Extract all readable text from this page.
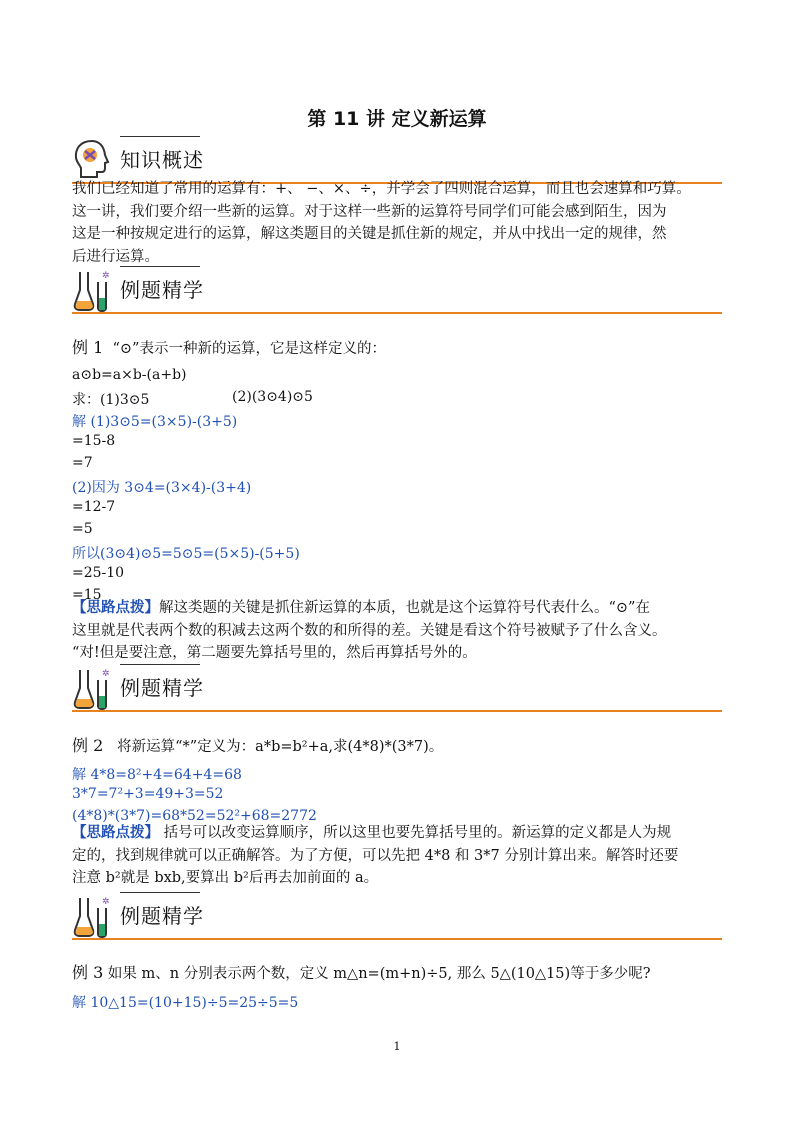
第 11 讲 定义新运算
知识概述
我们已经知道了常用的运算有：+、 −、×、÷，并学会了四则混合运算，而且也会速算和巧算。
这一讲，我们要介绍一些新的运算。对于这样一些新的运算符号同学们可能会感到陌生，因为
这是一种按规定进行的运算，解这类题目的关键是抓住新的规定，并从中找出一定的规律，然
后进行运算。
✲
例题精学
例 1 “⊙”表示一种新的运算，它是这样定义的：
a⊙b=a×b-(a+b)
求：(1)3⊙5	(2)(3⊙4)⊙5
解 (1)3⊙5=(3×5)-(3+5)
=15-8
=7
(2)因为 3⊙4=(3×4)-(3+4)
=12-7
=5
所以(3⊙4)⊙5=5⊙5=(5×5)-(5+5)
=25-10
=15
【思路点拨】解这类题的关键是抓住新运算的本质，也就是这个运算符号代表什么。“⊙”在
这里就是代表两个数的积减去这两个数的和所得的差。关键是看这个符号被赋予了什么含义。
“对!但是要注意，第二题要先算括号里的，然后再算括号外的。
✲
例题精学
例 2 将新运算“*”定义为：a*b=b²+a,求(4*8)*(3*7)。
解 4*8=8²+4=64+4=68
3*7=7²+3=49+3=52
(4*8)*(3*7)=68*52=52²+68=2772
【思路点拨】 括号可以改变运算顺序，所以这里也要先算括号里的。新运算的定义都是人为规
定的，找到规律就可以正确解答。为了方便，可以先把 4*8 和 3*7 分别计算出来。解答时还要
注意 b²就是 bxb,要算出 b²后再去加前面的 a。
✲
例题精学
例 3 如果 m、n 分别表示两个数，定义 m△n=(m+n)÷5, 那么 5△(10△15)等于多少呢?
解 10△15=(10+15)÷5=25÷5=5
1
